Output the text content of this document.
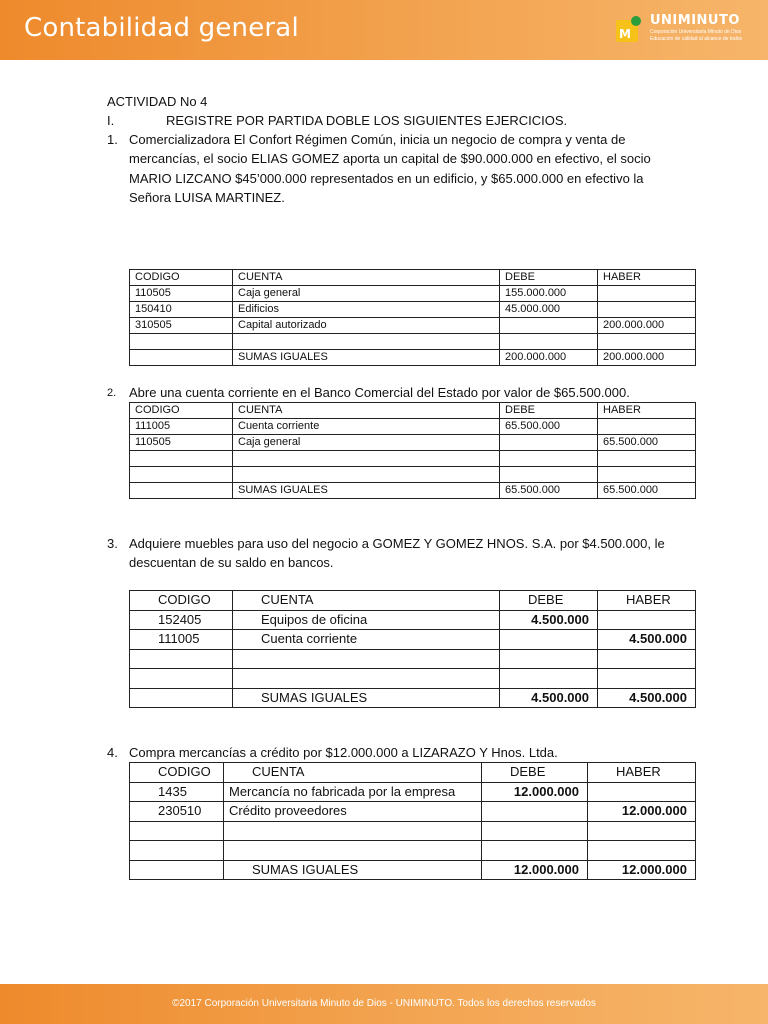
Contabilidad general	M
UNIMINUTO
Corporación Universitaria Minuto de Dios
Educación de calidad al alcance de todos
ACTIVIDAD No 4
I.	REGISTRE POR PARTIDA DOBLE LOS SIGUIENTES EJERCICIOS.
1. Comercializadora El Confort Régimen Común, inicia un negocio de compra y venta de mercancías, el socio ELIAS GOMEZ aporta un capital de $90.000.000 en efectivo, el socio MARIO LIZCANO $45’000.000 representados en un edificio, y $65.000.000 en efectivo la Señora LUISA MARTINEZ.
CODIGO	CUENTA	DEBE	HABER
110505	Caja general	155.000.000	
150410	Edificios	45.000.000	
310505	Capital autorizado		200.000.000

	SUMAS IGUALES	200.000.000	200.000.000
2. Abre una cuenta corriente en el Banco Comercial del Estado por valor de $65.500.000.
CODIGO	CUENTA	DEBE	HABER
111005	Cuenta corriente	65.500.000	
110505	Caja general		65.500.000

	SUMAS IGUALES	65.500.000	65.500.000
3. Adquiere muebles para uso del negocio a GOMEZ Y GOMEZ HNOS. S.A. por $4.500.000, le descuentan de su saldo en bancos.
CODIGO	CUENTA	DEBE	HABER
152405	Equipos de oficina	4.500.000	
111005	Cuenta corriente		4.500.000

	SUMAS IGUALES	4.500.000	4.500.000
4. Compra mercancías a crédito por $12.000.000 a LIZARAZO Y Hnos. Ltda.
CODIGO	CUENTA	DEBE	HABER
1435	Mercancía no fabricada por la empresa	12.000.000	
230510	Crédito proveedores		12.000.000

	SUMAS IGUALES	12.000.000	12.000.000
©2017 Corporación Universitaria Minuto de Dios - UNIMINUTO. Todos los derechos reservados
